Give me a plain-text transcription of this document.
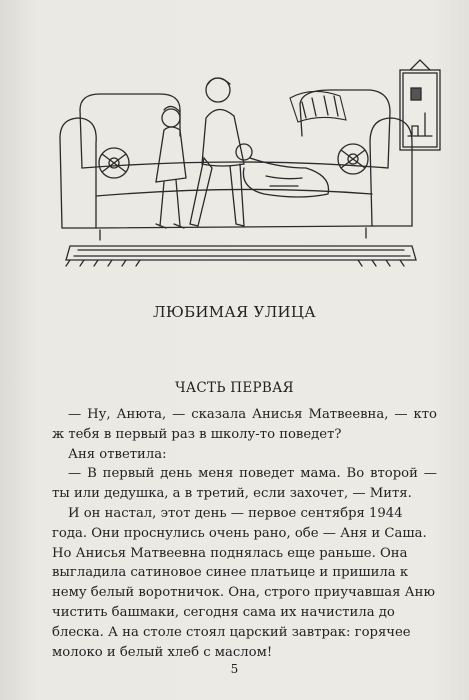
ЛЮБИМАЯ УЛИЦА
ЧАСТЬ ПЕРВАЯ

— Ну, Анюта, — сказала Анисья Матвеевна, — кто ж тебя в первый раз в школу-то поведет?

Аня ответила:

— В первый день меня поведет мама. Во второй — ты или дедушка, а в третий, если захочет, — Митя.

И он настал, этот день — первое сентября 1944 года. Они проснулись очень рано, обе — Аня и Саша. Но Анисья Матвеевна поднялась еще раньше. Она выгладила сатиновое синее платьице и пришила к нему белый воротничок. Она, строго приучавшая Аню чистить башмаки, сегодня сама их начистила до блеска. А на столе стоял царский завтрак: горячее молоко и белый хлеб с маслом!

5
